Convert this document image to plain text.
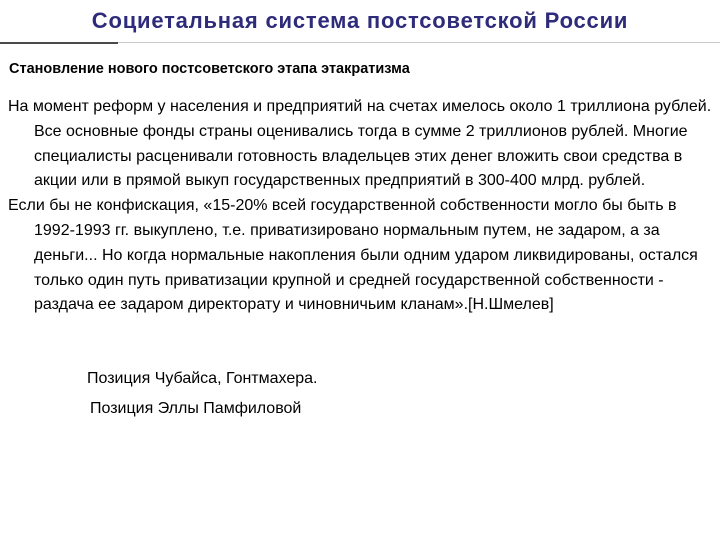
Социетальная система постсоветской России
Становление нового постсоветского этапа этакратизма

На момент реформ у населения и предприятий на счетах имелось около 1 триллиона рублей. Все основные фонды страны оценивались тогда в сумме 2 триллионов рублей. Многие специалисты расценивали готовность владельцев этих денег вложить свои средства в акции или в прямой выкуп государственных предприятий в 300-400 млрд. рублей.

Если бы не конфискация, «15-20% всей государственной собственности могло бы быть в 1992-1993 гг. выкуплено, т.е. приватизировано нормальным путем, не задаром, а за деньги... Но когда нормальные накопления были одним ударом ликвидированы, остался только один путь приватизации крупной и средней государственной собственности - раздача ее задаром директорату и чиновничьим кланам».[Н.Шмелев]

Позиция Чубайса, Гонтмахера.
Позиция Эллы Памфиловой
